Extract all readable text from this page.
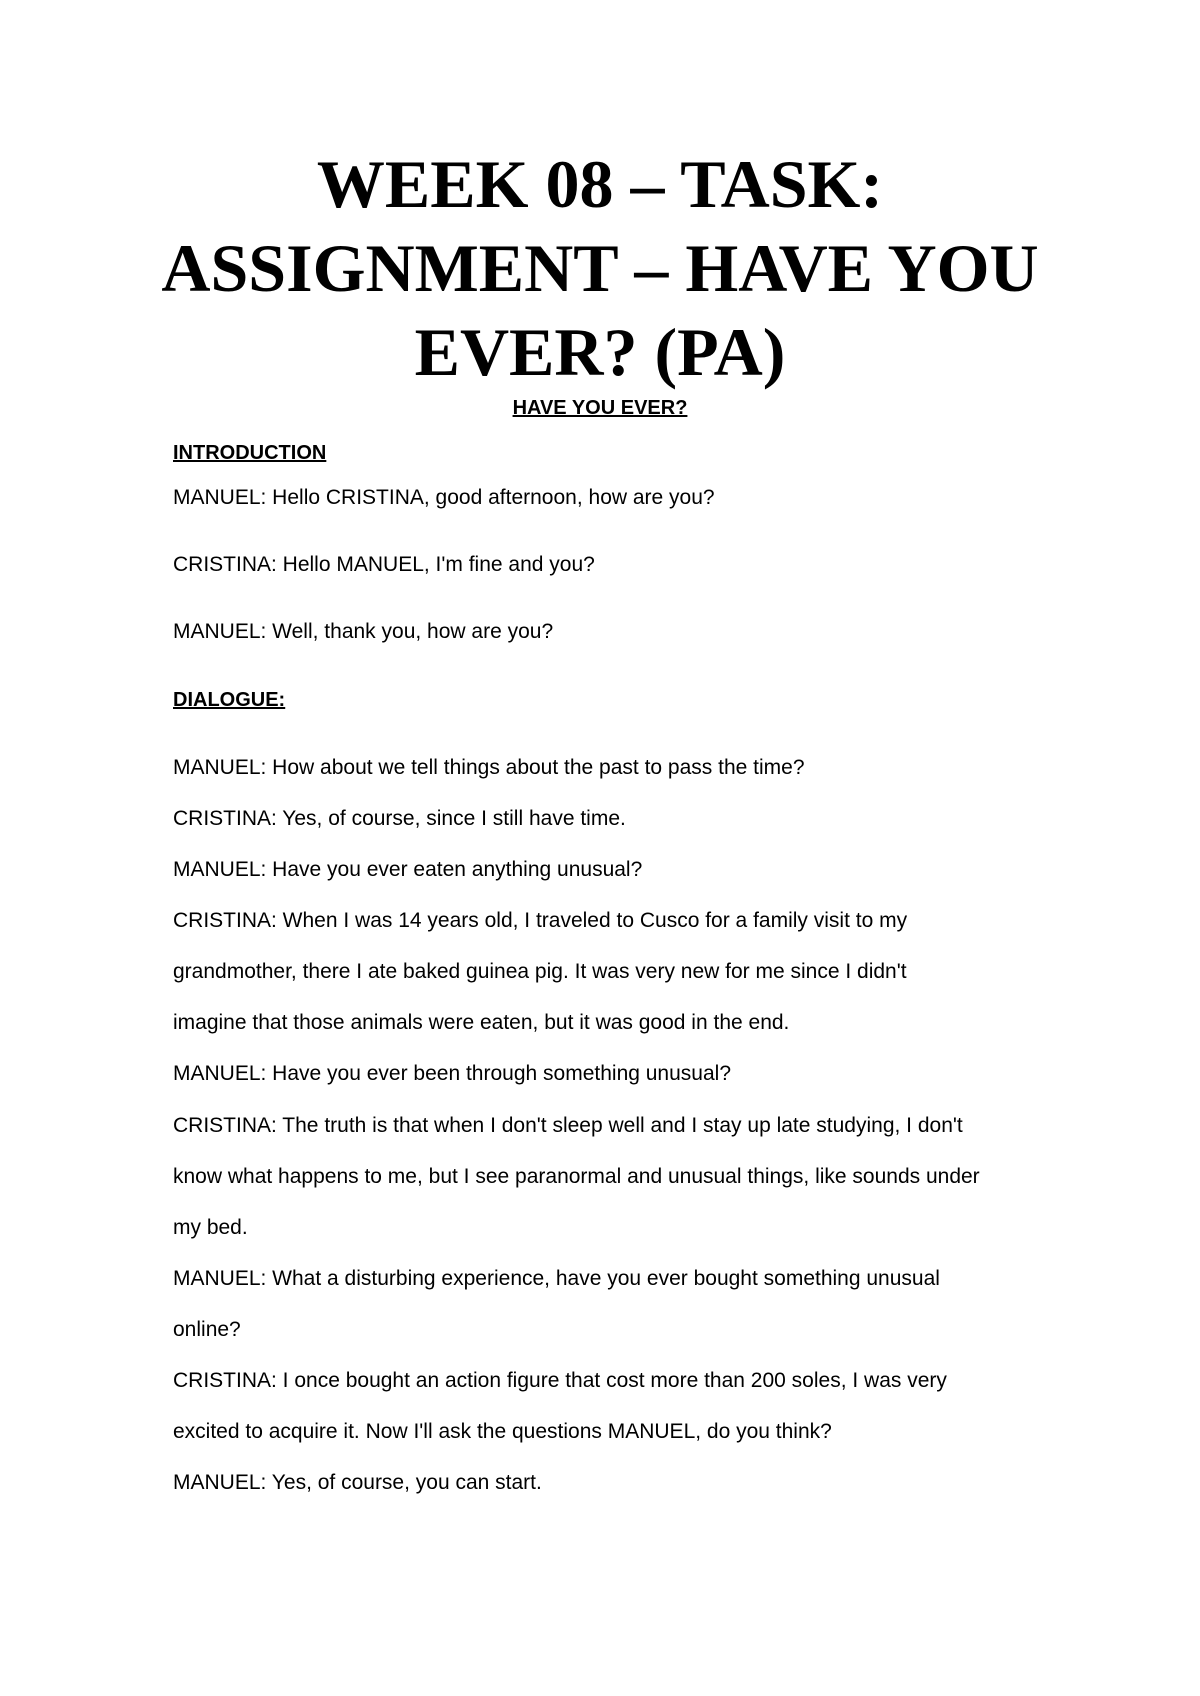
WEEK 08 – TASK:
ASSIGNMENT – HAVE YOU
EVER? (PA)
HAVE YOU EVER?
INTRODUCTION
MANUEL: Hello CRISTINA, good afternoon, how are you?
CRISTINA: Hello MANUEL, I'm fine and you?
MANUEL: Well, thank you, how are you?
DIALOGUE:
MANUEL: How about we tell things about the past to pass the time?
CRISTINA: Yes, of course, since I still have time.
MANUEL: Have you ever eaten anything unusual?
CRISTINA: When I was 14 years old, I traveled to Cusco for a family visit to my
grandmother, there I ate baked guinea pig. It was very new for me since I didn't
imagine that those animals were eaten, but it was good in the end.
MANUEL: Have you ever been through something unusual?
CRISTINA: The truth is that when I don't sleep well and I stay up late studying, I don't
know what happens to me, but I see paranormal and unusual things, like sounds under
my bed.
MANUEL: What a disturbing experience, have you ever bought something unusual
online?
CRISTINA: I once bought an action figure that cost more than 200 soles, I was very
excited to acquire it. Now I'll ask the questions MANUEL, do you think?
MANUEL: Yes, of course, you can start.
